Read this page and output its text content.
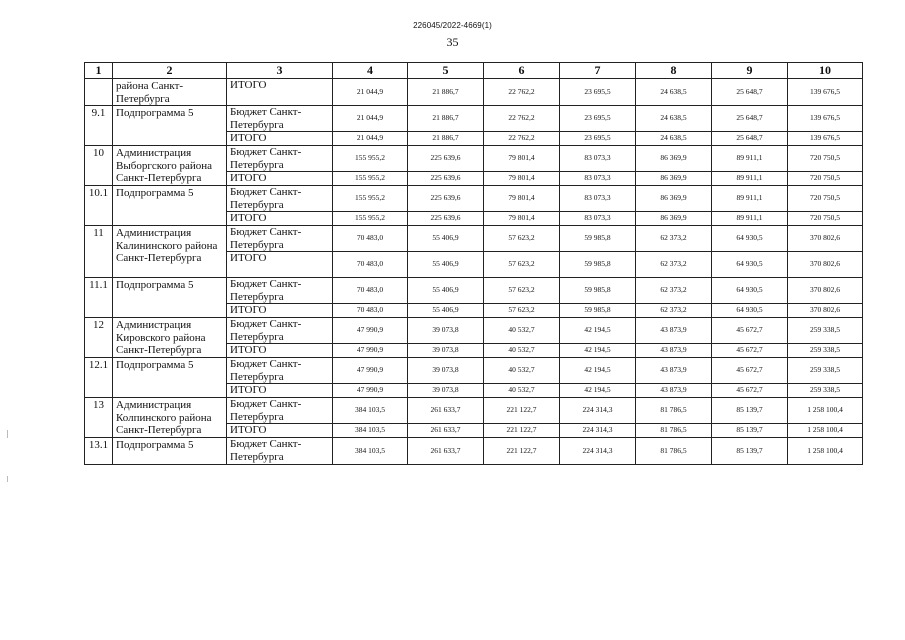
226045/2022-4669(1)
35
1	2	3	4	5	6	7	8	9	10
	района Санкт-Петербурга	ИТОГО	21 044,9	21 886,7	22 762,2	23 695,5	24 638,5	25 648,7	139 676,5
9.1	Подпрограмма 5	Бюджет Санкт-Петербурга	21 044,9	21 886,7	22 762,2	23 695,5	24 638,5	25 648,7	139 676,5
		ИТОГО	21 044,9	21 886,7	22 762,2	23 695,5	24 638,5	25 648,7	139 676,5
10	Администрация Выборгского района Санкт-Петербурга	Бюджет Санкт-Петербурга	155 955,2	225 639,6	79 801,4	83 073,3	86 369,9	89 911,1	720 750,5
		ИТОГО	155 955,2	225 639,6	79 801,4	83 073,3	86 369,9	89 911,1	720 750,5
10.1	Подпрограмма 5	Бюджет Санкт-Петербурга	155 955,2	225 639,6	79 801,4	83 073,3	86 369,9	89 911,1	720 750,5
		ИТОГО	155 955,2	225 639,6	79 801,4	83 073,3	86 369,9	89 911,1	720 750,5
11	Администрация Калининского района Санкт-Петербурга	Бюджет Санкт-Петербурга	70 483,0	55 406,9	57 623,2	59 985,8	62 373,2	64 930,5	370 802,6
		ИТОГО	70 483,0	55 406,9	57 623,2	59 985,8	62 373,2	64 930,5	370 802,6
11.1	Подпрограмма 5	Бюджет Санкт-Петербурга	70 483,0	55 406,9	57 623,2	59 985,8	62 373,2	64 930,5	370 802,6
		ИТОГО	70 483,0	55 406,9	57 623,2	59 985,8	62 373,2	64 930,5	370 802,6
12	Администрация Кировского района Санкт-Петербурга	Бюджет Санкт-Петербурга	47 990,9	39 073,8	40 532,7	42 194,5	43 873,9	45 672,7	259 338,5
		ИТОГО	47 990,9	39 073,8	40 532,7	42 194,5	43 873,9	45 672,7	259 338,5
12.1	Подпрограмма 5	Бюджет Санкт-Петербурга	47 990,9	39 073,8	40 532,7	42 194,5	43 873,9	45 672,7	259 338,5
		ИТОГО	47 990,9	39 073,8	40 532,7	42 194,5	43 873,9	45 672,7	259 338,5
13	Администрация Колпинского района Санкт-Петербурга	Бюджет Санкт-Петербурга	384 103,5	261 633,7	221 122,7	224 314,3	81 786,5	85 139,7	1 258 100,4
		ИТОГО	384 103,5	261 633,7	221 122,7	224 314,3	81 786,5	85 139,7	1 258 100,4
13.1	Подпрограмма 5	Бюджет Санкт-Петербурга	384 103,5	261 633,7	221 122,7	224 314,3	81 786,5	85 139,7	1 258 100,4
